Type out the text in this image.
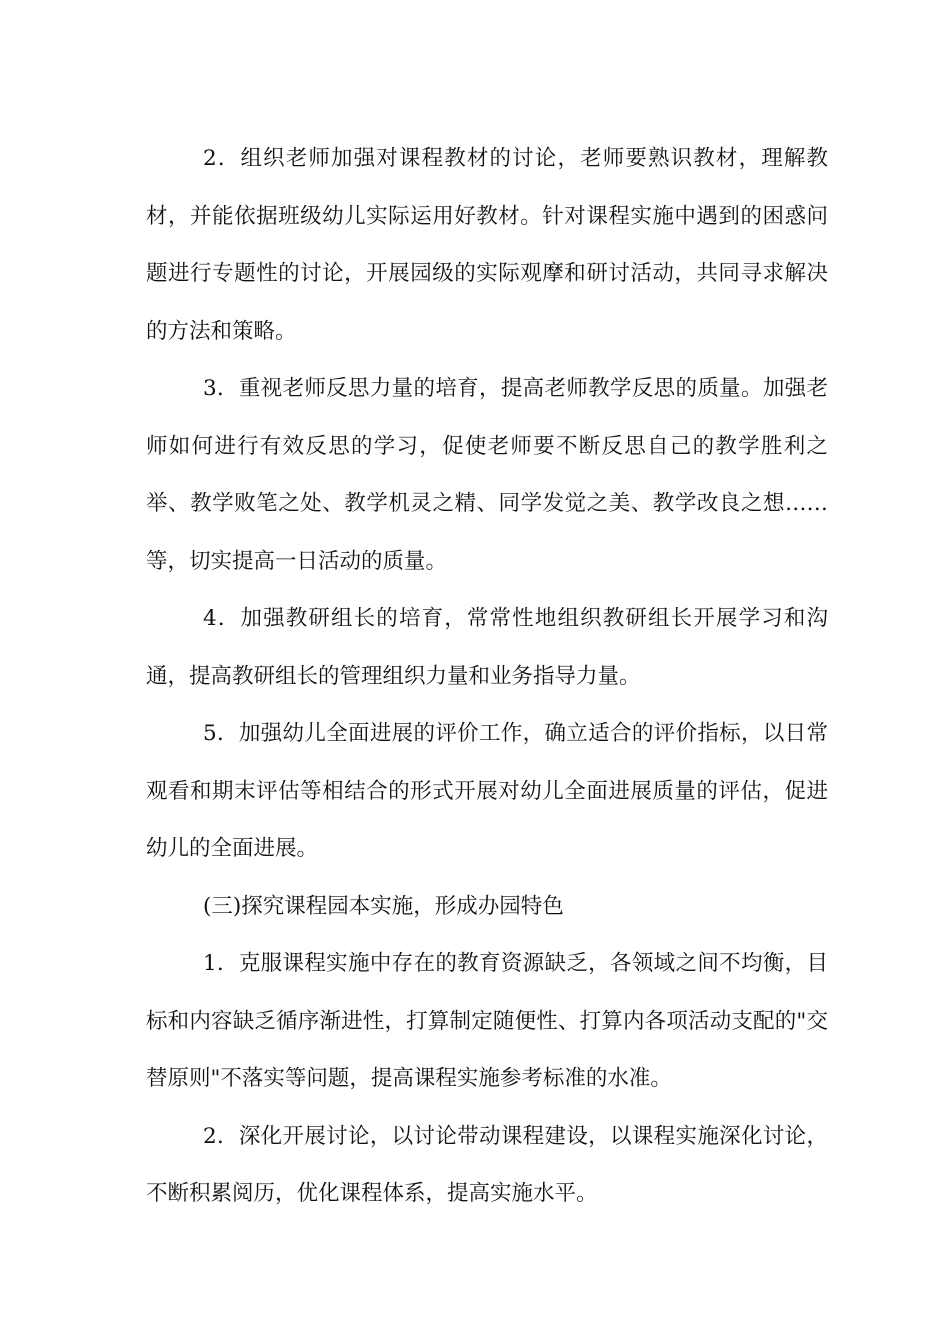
2．组织老师加强对课程教材的讨论，老师要熟识教材，理解教材，并能依据班级幼儿实际运用好教材。针对课程实施中遇到的困惑问题进行专题性的讨论，开展园级的实际观摩和研讨活动，共同寻求解决的方法和策略。

3．重视老师反思力量的培育，提高老师教学反思的质量。加强老师如何进行有效反思的学习，促使老师要不断反思自己的教学胜利之举、教学败笔之处、教学机灵之精、同学发觉之美、教学改良之想……等，切实提高一日活动的质量。

4．加强教研组长的培育，常常性地组织教研组长开展学习和沟通，提高教研组长的管理组织力量和业务指导力量。

5．加强幼儿全面进展的评价工作，确立适合的评价指标，以日常观看和期末评估等相结合的形式开展对幼儿全面进展质量的评估，促进幼儿的全面进展。

(三)探究课程园本实施，形成办园特色

1．克服课程实施中存在的教育资源缺乏，各领域之间不均衡，目标和内容缺乏循序渐进性，打算制定随便性、打算内各项活动支配的"交替原则"不落实等问题，提高课程实施参考标准的水准。

2．深化开展讨论，以讨论带动课程建设，以课程实施深化讨论，不断积累阅历，优化课程体系，提高实施水平。
